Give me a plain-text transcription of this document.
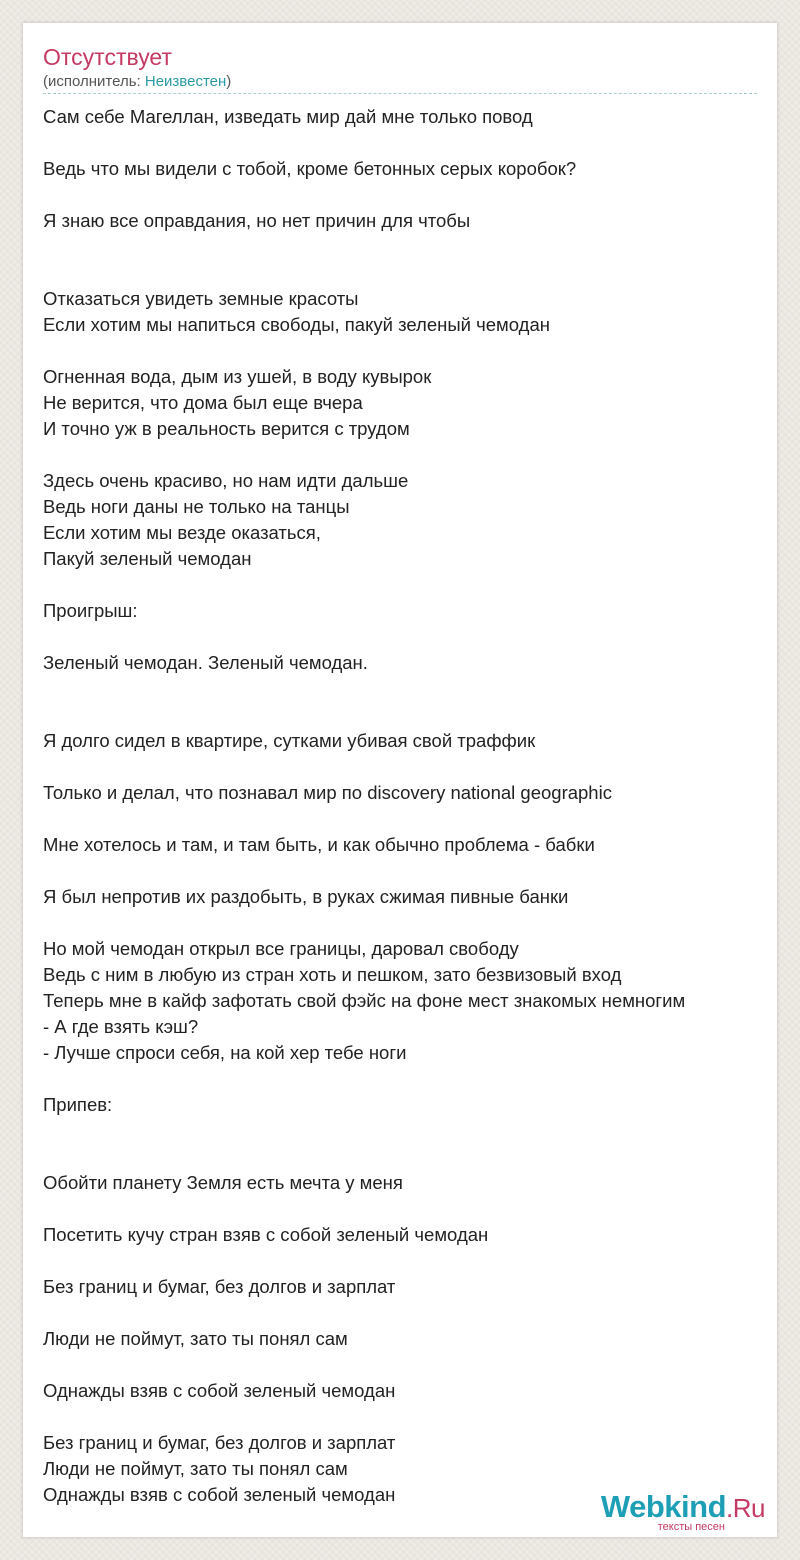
Отсутствует
(исполнитель: Неизвестен)
Сам себе Магеллан, изведать мир дай мне только повод
Ведь что мы видели с тобой, кроме бетонных серых коробок?
Я знаю все оправдания, но нет причин для чтобы
Отказаться увидеть земные красоты
Если хотим мы напиться свободы, пакуй зеленый чемодан
Огненная вода, дым из ушей, в воду кувырок
Не верится, что дома был еще вчера
И точно уж в реальность верится с трудом
Здесь очень красиво, но нам идти дальше
Ведь ноги даны не только на танцы
Если хотим мы везде оказаться,
Пакуй зеленый чемодан
Проигрыш:
Зеленый чемодан. Зеленый чемодан.
Я долго сидел в квартире, сутками убивая свой траффик
Только и делал, что познавал мир по discovery national geographic
Мне хотелось и там, и там быть, и как обычно проблема - бабки
Я был непротив их раздобыть, в руках сжимая пивные банки
Но мой чемодан открыл все границы, даровал свободу
Ведь с ним в любую из стран хоть и пешком, зато безвизовый вход
Теперь мне в кайф зафотать свой фэйс на фоне мест знакомых немногим
- А где взять кэш?
- Лучше спроси себя, на кой хер тебе ноги
Припев:
Обойти планету Земля есть мечта у меня
Посетить кучу стран взяв с собой зеленый чемодан
Без границ и бумаг, без долгов и зарплат
Люди не поймут, зато ты понял сам
Однажды взяв с собой зеленый чемодан
Без границ и бумаг, без долгов и зарплат
Люди не поймут, зато ты понял сам
Однажды взяв с собой зеленый чемодан	Webkind.Ru
тексты песен
